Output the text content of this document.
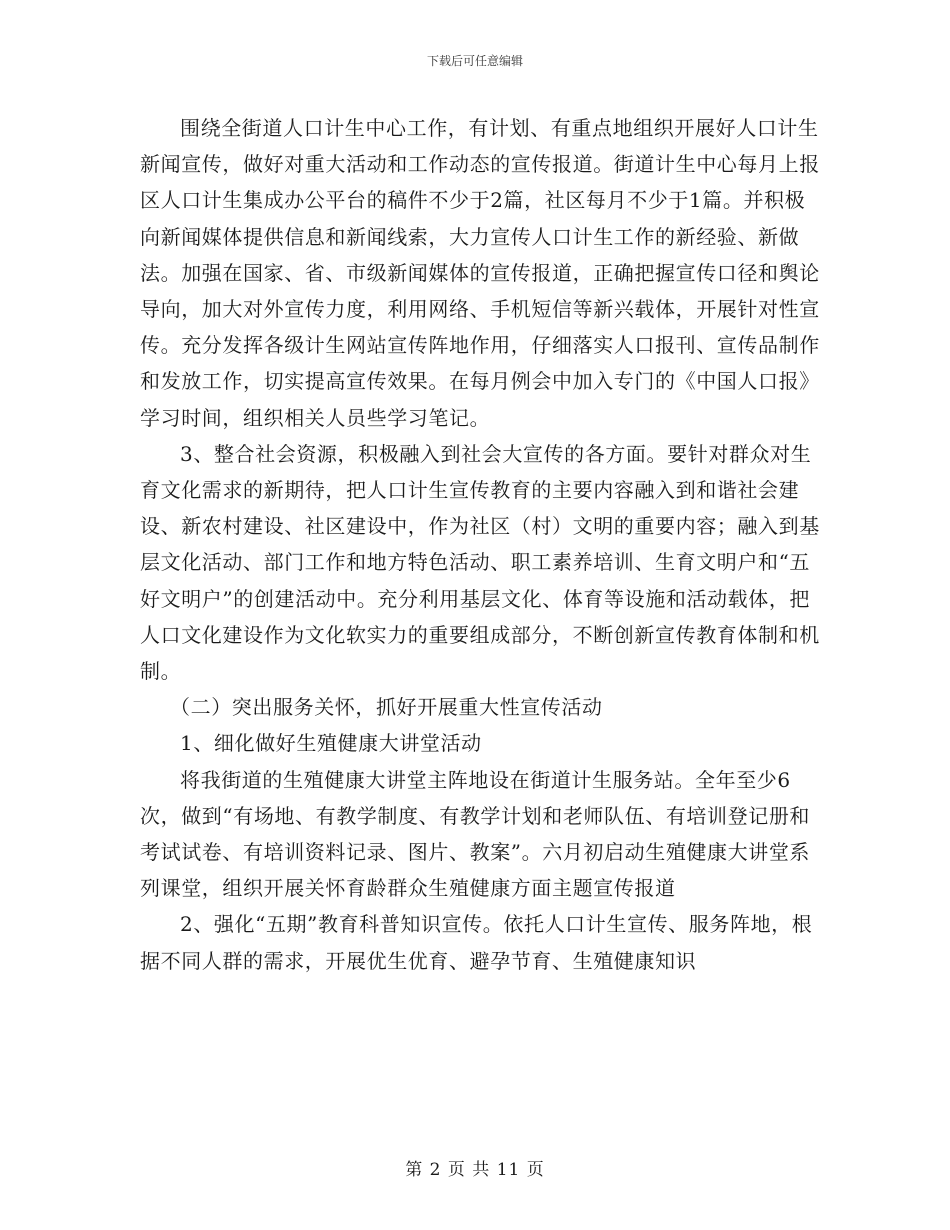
下载后可任意编辑

围绕全街道人口计生中心工作，有计划、有重点地组织开展好人口计生新闻宣传，做好对重大活动和工作动态的宣传报道。街道计生中心每月上报区人口计生集成办公平台的稿件不少于2篇，社区每月不少于1篇。并积极向新闻媒体提供信息和新闻线索，大力宣传人口计生工作的新经验、新做法。加强在国家、省、市级新闻媒体的宣传报道，正确把握宣传口径和舆论导向，加大对外宣传力度，利用网络、手机短信等新兴载体，开展针对性宣传。充分发挥各级计生网站宣传阵地作用，仔细落实人口报刊、宣传品制作和发放工作，切实提高宣传效果。在每月例会中加入专门的《中国人口报》学习时间，组织相关人员些学习笔记。

3、整合社会资源，积极融入到社会大宣传的各方面。要针对群众对生育文化需求的新期待，把人口计生宣传教育的主要内容融入到和谐社会建设、新农村建设、社区建设中，作为社区（村）文明的重要内容；融入到基层文化活动、部门工作和地方特色活动、职工素养培训、生育文明户和“五好文明户”的创建活动中。充分利用基层文化、体育等设施和活动载体，把人口文化建设作为文化软实力的重要组成部分，不断创新宣传教育体制和机制。

（二）突出服务关怀，抓好开展重大性宣传活动

1、细化做好生殖健康大讲堂活动

将我街道的生殖健康大讲堂主阵地设在街道计生服务站。全年至少6次，做到“有场地、有教学制度、有教学计划和老师队伍、有培训登记册和考试试卷、有培训资料记录、图片、教案”。六月初启动生殖健康大讲堂系列课堂，组织开展关怀育龄群众生殖健康方面主题宣传报道

2、强化“五期”教育科普知识宣传。依托人口计生宣传、服务阵地，根据不同人群的需求，开展优生优育、避孕节育、生殖健康知识

第 2 页 共 11 页
